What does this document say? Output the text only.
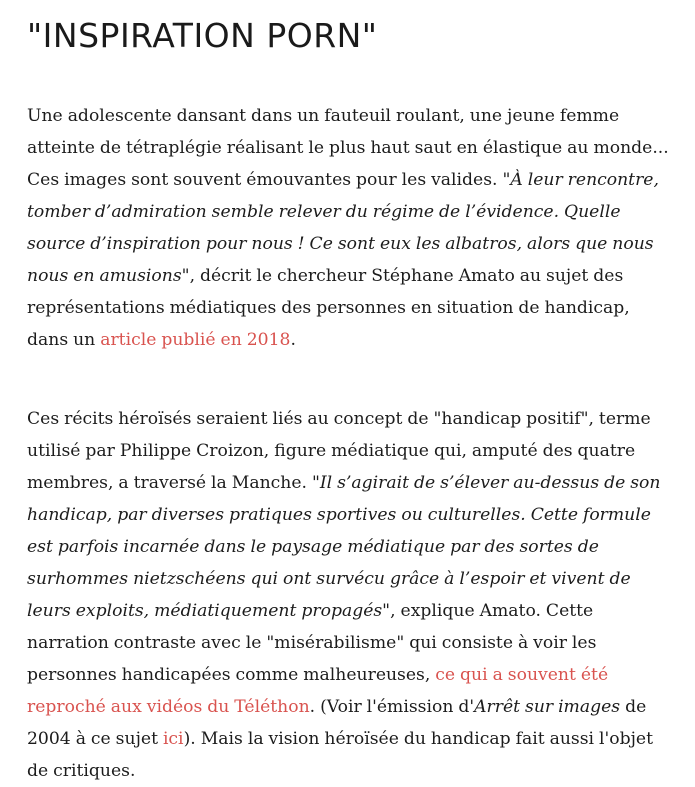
"INSPIRATION PORN"

Une adolescente dansant dans un fauteuil roulant, une jeune femme atteinte de tétraplégie réalisant le plus haut saut en élastique au monde... Ces images sont souvent émouvantes pour les valides. "À leur rencontre, tomber d’admiration semble relever du régime de l’évidence. Quelle source d’inspiration pour nous ! Ce sont eux les albatros, alors que nous nous en amusions", décrit le chercheur Stéphane Amato au sujet des représentations médiatiques des personnes en situation de handicap, dans un article publié en 2018.

Ces récits héroïsés seraient liés au concept de "handicap positif", terme utilisé par Philippe Croizon, figure médiatique qui, amputé des quatre membres, a traversé la Manche. "Il s’agirait de s’élever au-dessus de son handicap, par diverses pratiques sportives ou culturelles. Cette formule est parfois incarnée dans le paysage médiatique par des sortes de surhommes nietzschéens qui ont survécu grâce à l’espoir et vivent de leurs exploits, médiatiquement propagés", explique Amato. Cette narration contraste avec le "misérabilisme" qui consiste à voir les personnes handicapées comme malheureuses, ce qui a souvent été reproché aux vidéos du Téléthon. (Voir l'émission d'Arrêt sur images de 2004 à ce sujet ici). Mais la vision héroïsée du handicap fait aussi l'objet de critiques.
